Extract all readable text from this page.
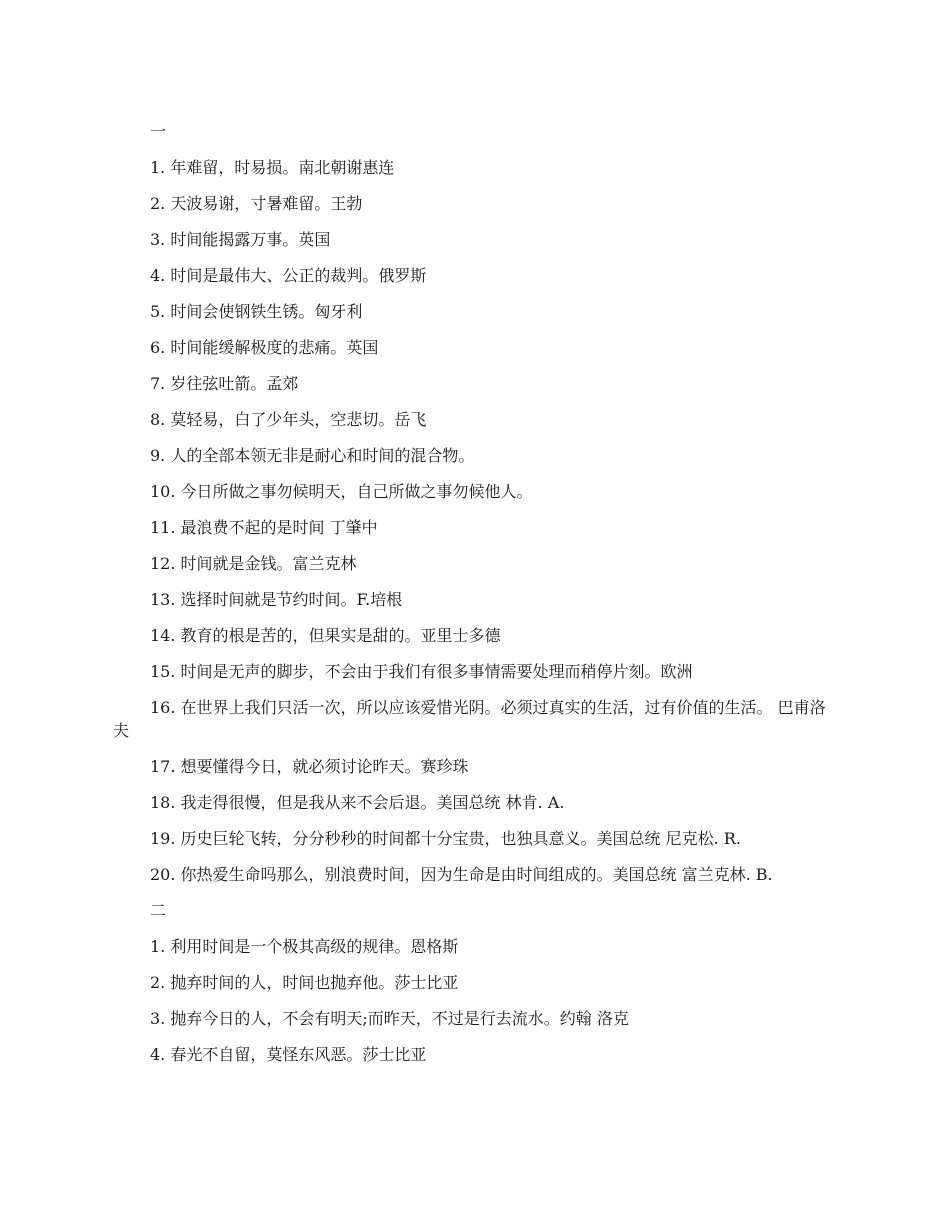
一

1. 年难留，时易损。南北朝谢惠连

2. 天波易谢，寸暑难留。王勃

3. 时间能揭露万事。英国

4. 时间是最伟大、公正的裁判。俄罗斯

5. 时间会使钢铁生锈。匈牙利

6. 时间能缓解极度的悲痛。英国

7. 岁往弦吐箭。孟郊

8. 莫轻易，白了少年头，空悲切。岳飞

9. 人的全部本领无非是耐心和时间的混合物。

10. 今日所做之事勿候明天，自己所做之事勿候他人。

11. 最浪费不起的是时间 丁肇中

12. 时间就是金钱。富兰克林

13. 选择时间就是节约时间。F.培根

14. 教育的根是苦的，但果实是甜的。亚里士多德

15. 时间是无声的脚步，不会由于我们有很多事情需要处理而稍停片刻。欧洲

16. 在世界上我们只活一次，所以应该爱惜光阴。必须过真实的生活，过有价值的生活。 巴甫洛夫

17. 想要懂得今日，就必须讨论昨天。赛珍珠

18. 我走得很慢，但是我从来不会后退。美国总统 林肯. A.

19. 历史巨轮飞转，分分秒秒的时间都十分宝贵，也独具意义。美国总统 尼克松. R.

20. 你热爱生命吗那么，别浪费时间，因为生命是由时间组成的。美国总统 富兰克林. B.

二

1. 利用时间是一个极其高级的规律。恩格斯

2. 抛弃时间的人，时间也抛弃他。莎士比亚

3. 抛弃今日的人，不会有明天;而昨天，不过是行去流水。约翰 洛克

4. 春光不自留，莫怪东风恶。莎士比亚
